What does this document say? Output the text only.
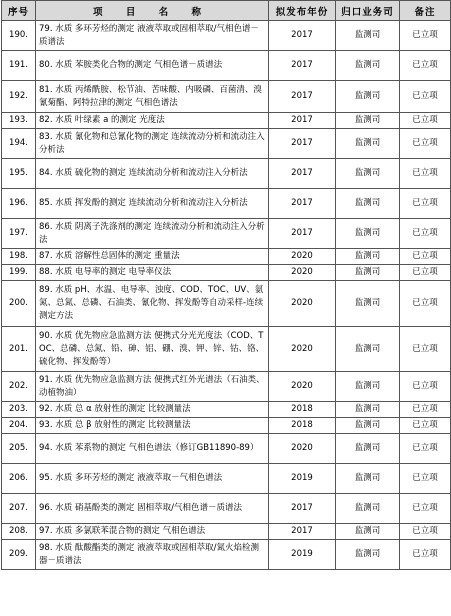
序号	项 目 名 称	拟发布年份	归口业务司	备注
190.	79. 水质 多环芳烃的测定 液液萃取或固相萃取/气相色谱－质谱法	2017	监测司	已立项
191.	80. 水质 苯胺类化合物的测定 气相色谱－质谱法	2017	监测司	已立项
192.	81. 水质 丙烯酰胺、松节油、苦味酸、内吸磷、百菌清、溴氰菊酯、阿特拉津的测定 气相色谱法	2017	监测司	已立项
193.	82. 水质 叶绿素 a 的测定 光度法	2017	监测司	已立项
194.	83. 水质 氰化物和总氰化物的测定 连续流动分析和流动注入分析法	2017	监测司	已立项
195.	84. 水质 硫化物的测定 连续流动分析和流动注入分析法	2017	监测司	已立项
196.	85. 水质 挥发酚的测定 连续流动分析和流动注入分析法	2017	监测司	已立项
197.	86. 水质 阴离子洗涤剂的测定 连续流动分析和流动注入分析法	2017	监测司	已立项
198.	87. 水质 溶解性总固体的测定 重量法	2020	监测司	已立项
199.	88. 水质 电导率的测定 电导率仪法	2020	监测司	已立项
200.	89. 水质 pH、水温、电导率、浊度、COD、TOC、UV、氨氮、总氮、总磷、石油类、氰化物、挥发酚等自动采样-连续测定方法	2020	监测司	已立项
201.	90. 水质 优先物应急监测方法 便携式分光光度法（COD、TOC、总磷、总氮、铅、砷、铝、硼、溴、钾、锌、钴、铬、硫化物、挥发酚等）	2020	监测司	已立项
202.	91. 水质 优先物应急监测方法 便携式红外光谱法（石油类、动植物油）	2020	监测司	已立项
203.	92. 水质 总 α 放射性的测定 比较测量法	2018	监测司	已立项
204.	93. 水质 总 β 放射性的测定 比较测量法	2018	监测司	已立项
205.	94. 水质 苯系物的测定 气相色谱法（修订GB11890-89）	2020	监测司	已立项
206.	95. 水质 多环芳烃的测定 液液萃取－气相色谱法	2019	监测司	已立项
207.	96. 水质 硝基酚类的测定 固相萃取/气相色谱－质谱法	2017	监测司	已立项
208.	97. 水质 多氯联苯混合物的测定 气相色谱法	2017	监测司	已立项
209.	98. 水质 酞酸酯类的测定 液液萃取或固相萃取/氮火焰检测器－质谱法	2019	监测司	已立项
